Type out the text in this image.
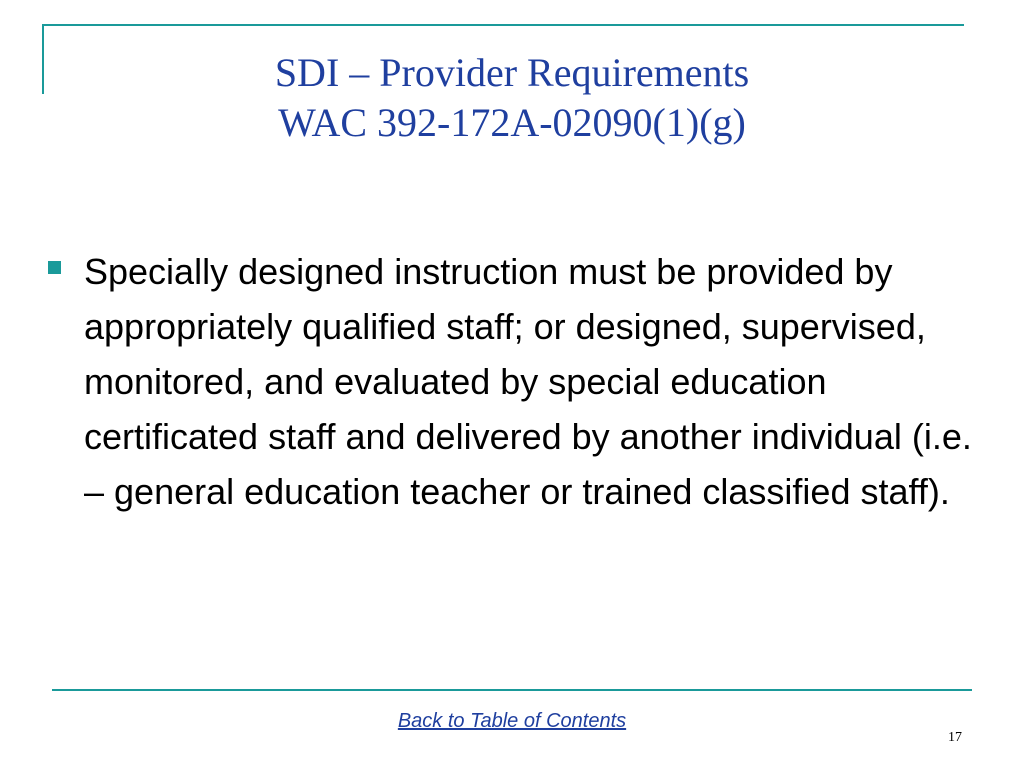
SDI – Provider Requirements
WAC 392-172A-02090(1)(g)
Specially designed instruction must be provided by appropriately qualified staff; or designed, supervised, monitored, and evaluated by special education certificated staff and delivered by another individual (i.e. – general education teacher or trained classified staff).
Back to Table of Contents
17
